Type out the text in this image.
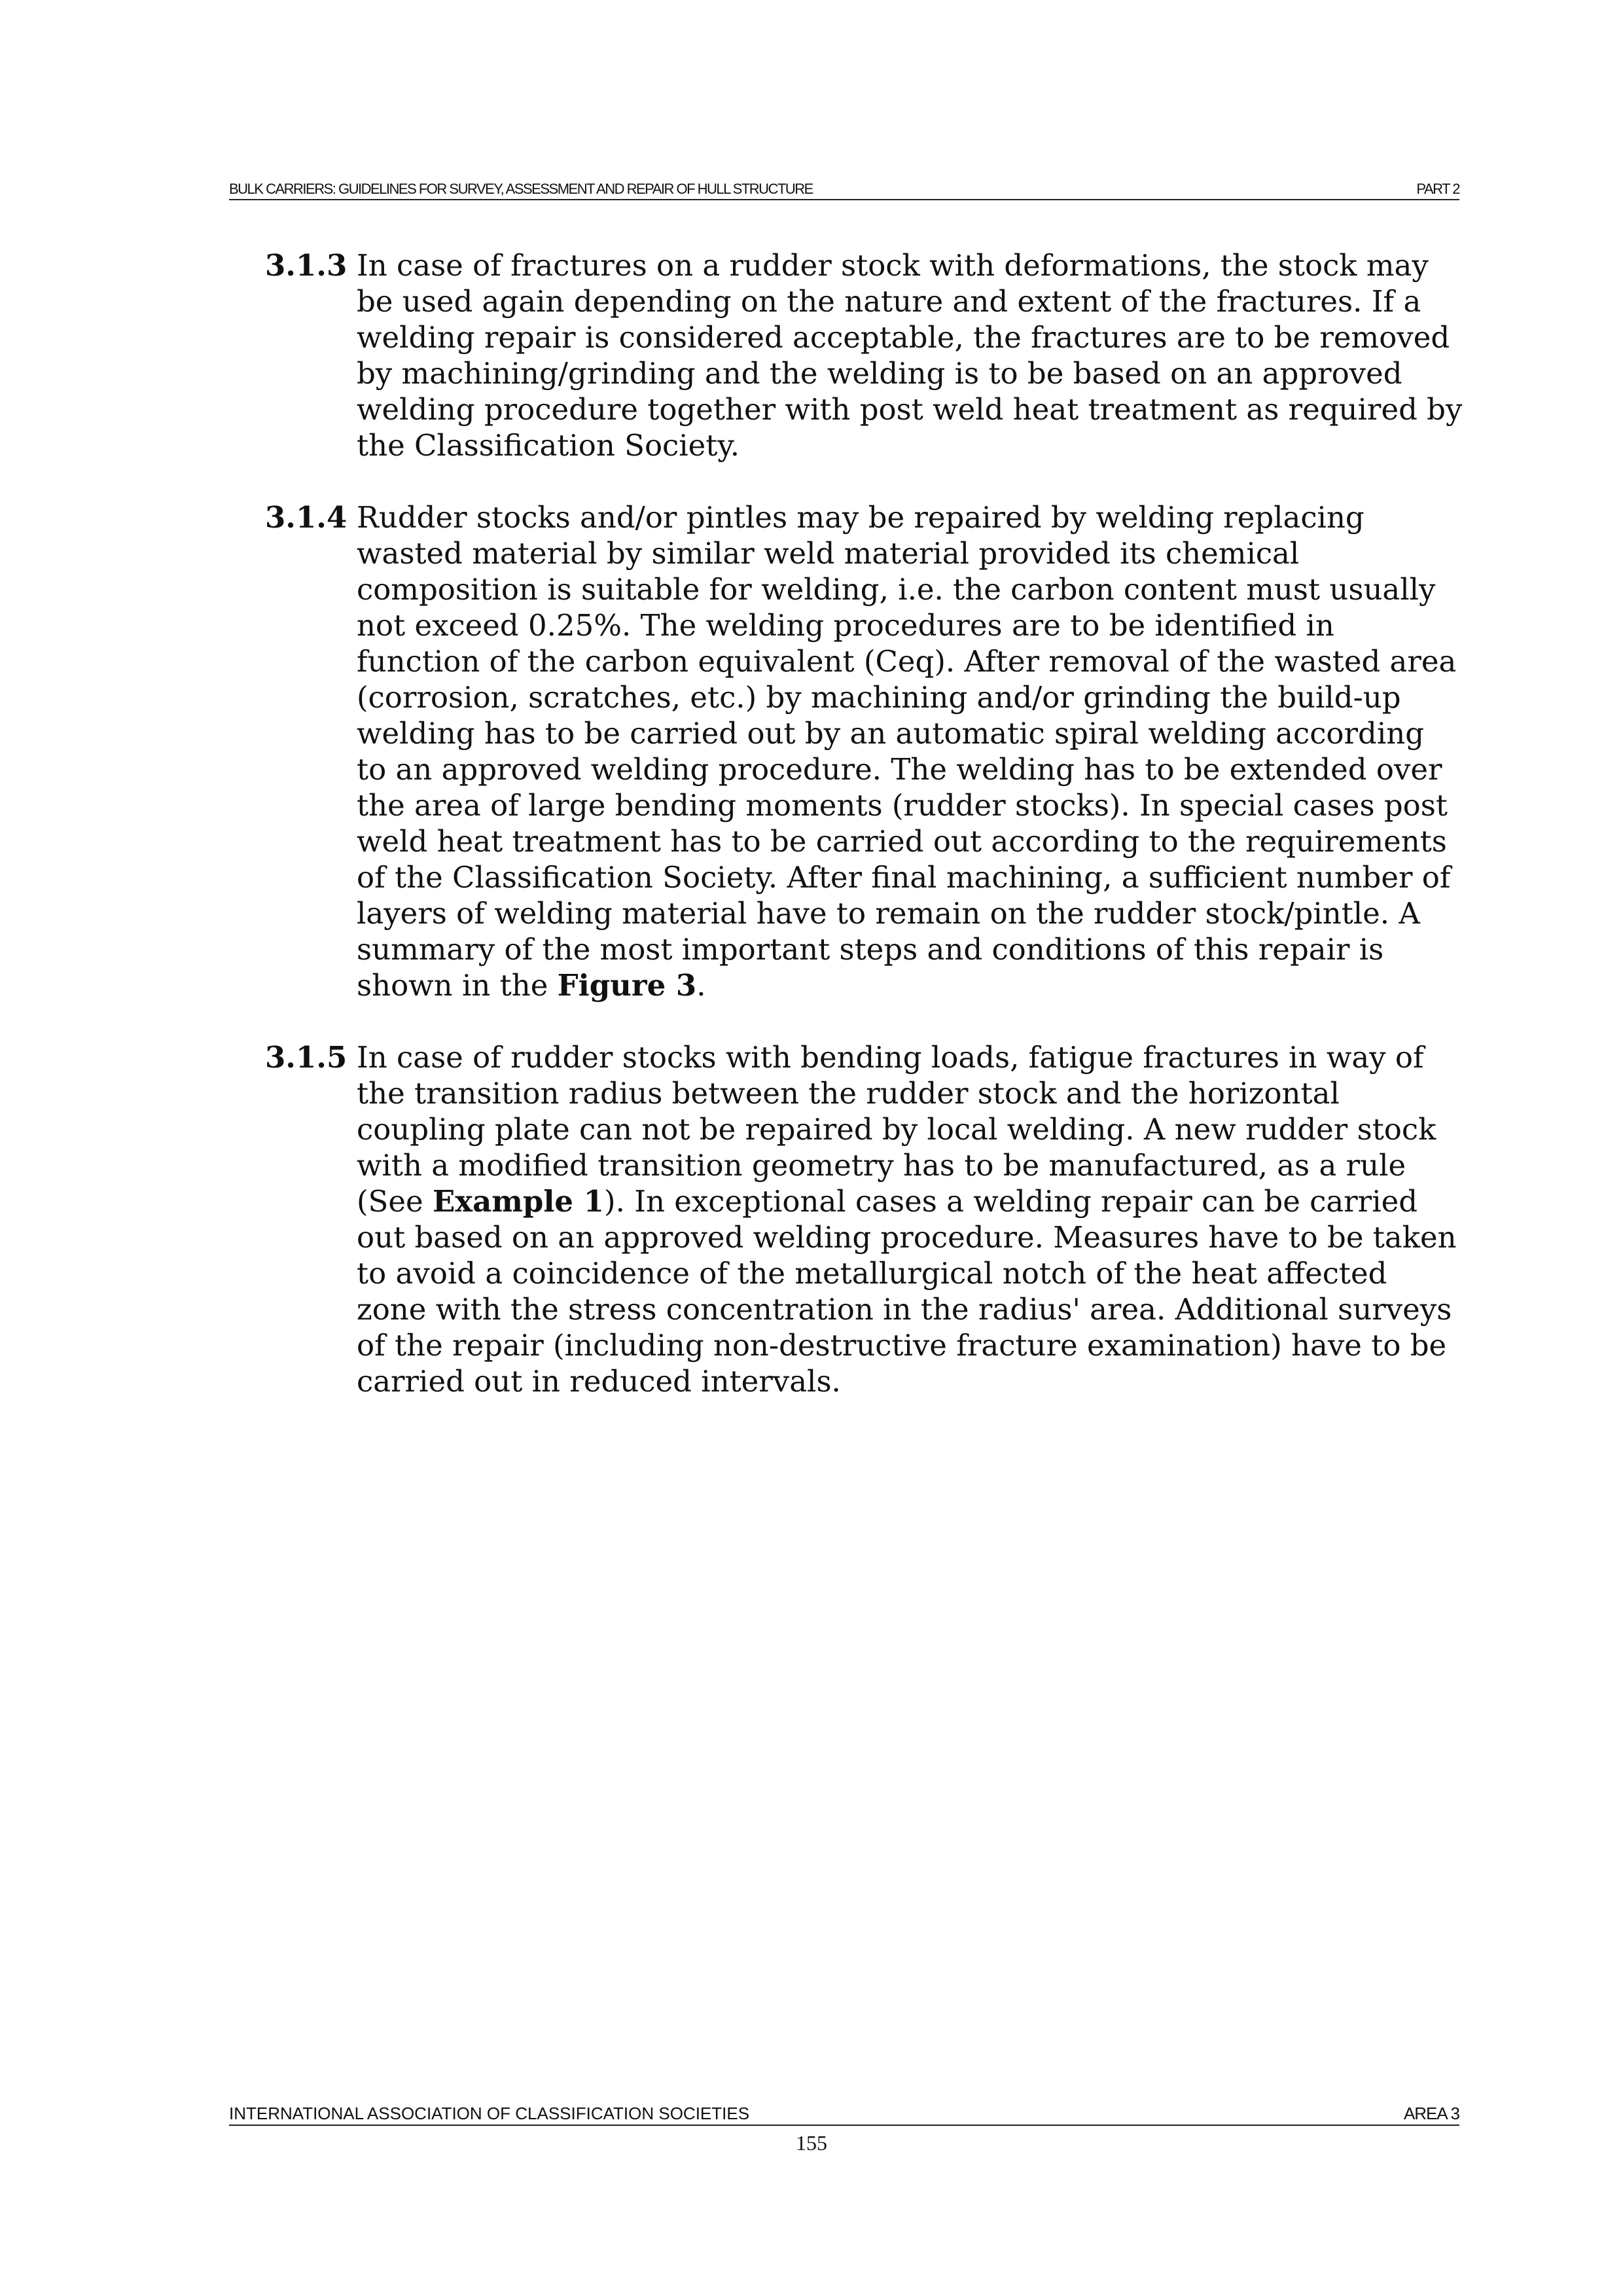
BULK CARRIERS: GUIDELINES FOR SURVEY, ASSESSMENT AND REPAIR OF HULL STRUCTURE	PART 2
3.1.3 In case of fractures on a rudder stock with deformations, the stock may be used again depending on the nature and extent of the fractures. If a welding repair is considered acceptable, the fractures are to be removed by machining/grinding and the welding is to be based on an approved welding procedure together with post weld heat treatment as required by the Classification Society.
3.1.4 Rudder stocks and/or pintles may be repaired by welding replacing wasted material by similar weld material provided its chemical composition is suitable for welding, i.e. the carbon content must usually not exceed 0.25%. The welding procedures are to be identified in function of the carbon equivalent (Ceq). After removal of the wasted area (corrosion, scratches, etc.) by machining and/or grinding the build-up welding has to be carried out by an automatic spiral welding according to an approved welding procedure. The welding has to be extended over the area of large bending moments (rudder stocks). In special cases post weld heat treatment has to be carried out according to the requirements of the Classification Society. After final machining, a sufficient number of layers of welding material have to remain on the rudder stock/pintle. A summary of the most important steps and conditions of this repair is shown in the Figure 3.
3.1.5 In case of rudder stocks with bending loads, fatigue fractures in way of the transition radius between the rudder stock and the horizontal coupling plate can not be repaired by local welding. A new rudder stock with a modified transition geometry has to be manufactured, as a rule (See Example 1). In exceptional cases a welding repair can be carried out based on an approved welding procedure. Measures have to be taken to avoid a coincidence of the metallurgical notch of the heat affected zone with the stress concentration in the radius' area. Additional surveys of the repair (including non-destructive fracture examination) have to be carried out in reduced intervals.
INTERNATIONAL ASSOCIATION OF CLASSIFICATION SOCIETIES	AREA 3
155
